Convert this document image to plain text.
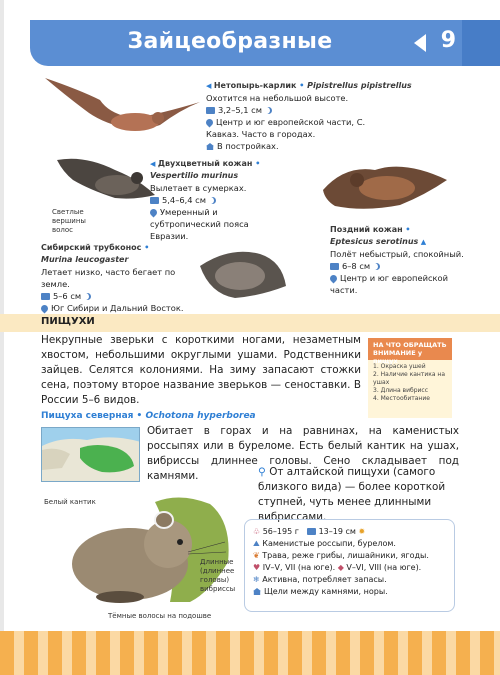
Зайцеобразные	9
Светлые вершины волос
◀ Нетопырь-карлик • Pipistrellus pipistrellus
Охотится на небольшой высоте.
3,2–5,1 см
Центр и юг европейской части, С. Кавказ. Часто в городах.
В постройках.
◀ Двухцветный кожан •
Vespertilio murinus
Вылетает в сумерках.
5,4–6,4 см
Умеренный и субтропический пояса Евразии.
Сибирский трубконос •
Murina leucogaster
Летает низко, часто бегает по земле.
5–6 см
Юг Сибири и Дальний Восток.
Поздний кожан •
Eptesicus serotinus ▲
Полёт небыстрый, спокойный.
6–8 см
Центр и юг европейской части.
ПИЩУХИ
Некрупные зверьки с короткими ногами, незаметным хвостом, небольшими округлыми ушами. Родственники зайцев. Селятся колониями. На зиму запасают стожки сена, поэтому второе название зверьков — сеноставки. В России 5–6 видов.
НА ЧТО ОБРАЩАТЬ ВНИМАНИЕ у пищух
1. Окраска ушей
2. Наличие кантика на ушах
3. Длина вибрисс
4. Местообитание
Пищуха северная • Ochotona hyperborea
Обитает в горах и на равнинах, на каменистых россыпях или в буреломе. Есть белый кантик на ушах, вибриссы длиннее головы. Сено складывает под камнями.	⚲ От алтайской пищухи (самого близкого вида) — более короткой ступней, чуть менее длинными вибриссами.
Белый кантик
Длинные (длиннее головы) вибриссы
Тёмные волосы на подошве
♧ 56–195 г 13–19 см ✹
⛰ Каменистые россыпи, бурелом.
❦ Трава, реже грибы, лишайники, ягоды.
♥ IV–V, VII (на юге). ◆ V–VI, VIII (на юге).
❄ Активна, потребляет запасы.
Щели между камнями, норы.
